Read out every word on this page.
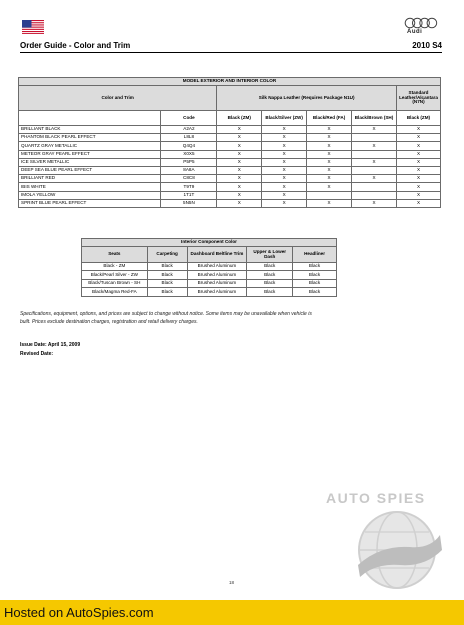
Audi
Order Guide - Color and Trim	2010 S4
MODEL EXTERIOR AND INTERIOR COLOR						
Color and Trim		Silk Nappa Leather (Requires Package N1U)				Standard Leather/Alcantara (N7N)
	Code	Black (ZM)	Black/Silver (ZW)	Black/Red (FA)	Black/Brown (SH)	Black (ZM)
BRILLIANT BLACK	A2A2	X	X	X	X	X
PHANTOM BLACK PEARL EFFECT	L8L8	X	X	X		X
QUARTZ GRAY METALLIC	Q4Q4	X	X	X	X	X
METEOR GRAY PEARL EFFECT	X0X5	X	X	X		X
ICE SILVER METALLIC	P5P5	X	X	X	X	X
DEEP SEA BLUE PEARL EFFECT	8A8A	X	X	X		X
BRILLIANT RED	C8C8	X	X	X	X	X
IBIS WHITE	T9T9	X	X	X		X
IMOLA YELLOW	1T1T	X	X			X
SPRINT BLUE PEARL EFFECT	5N5N	X	X	X	X	X
Interior Component Color				
Seats	Carpeting	Dashboard Beltline Trim	Upper & Lower Dash	Headliner
Black - ZM	Black	Brushed Aluminum	Black	Black
Black/Pearl Silver - ZW	Black	Brushed Aluminum	Black	Black
Black/Tuscan Brown - SH	Black	Brushed Aluminum	Black	Black
Black/Magma Red-FA	Black	Brushed Aluminum	Black	Black
Specifications, equipment, options, and prices are subject to change without notice. Some items may be unavailable when vehicle is built. Prices exclude destination charges, registration and retail delivery charges.
Issue Date: April 15, 2009
Revised Date:
AUTO SPIES
18
Hosted on AutoSpies.com
